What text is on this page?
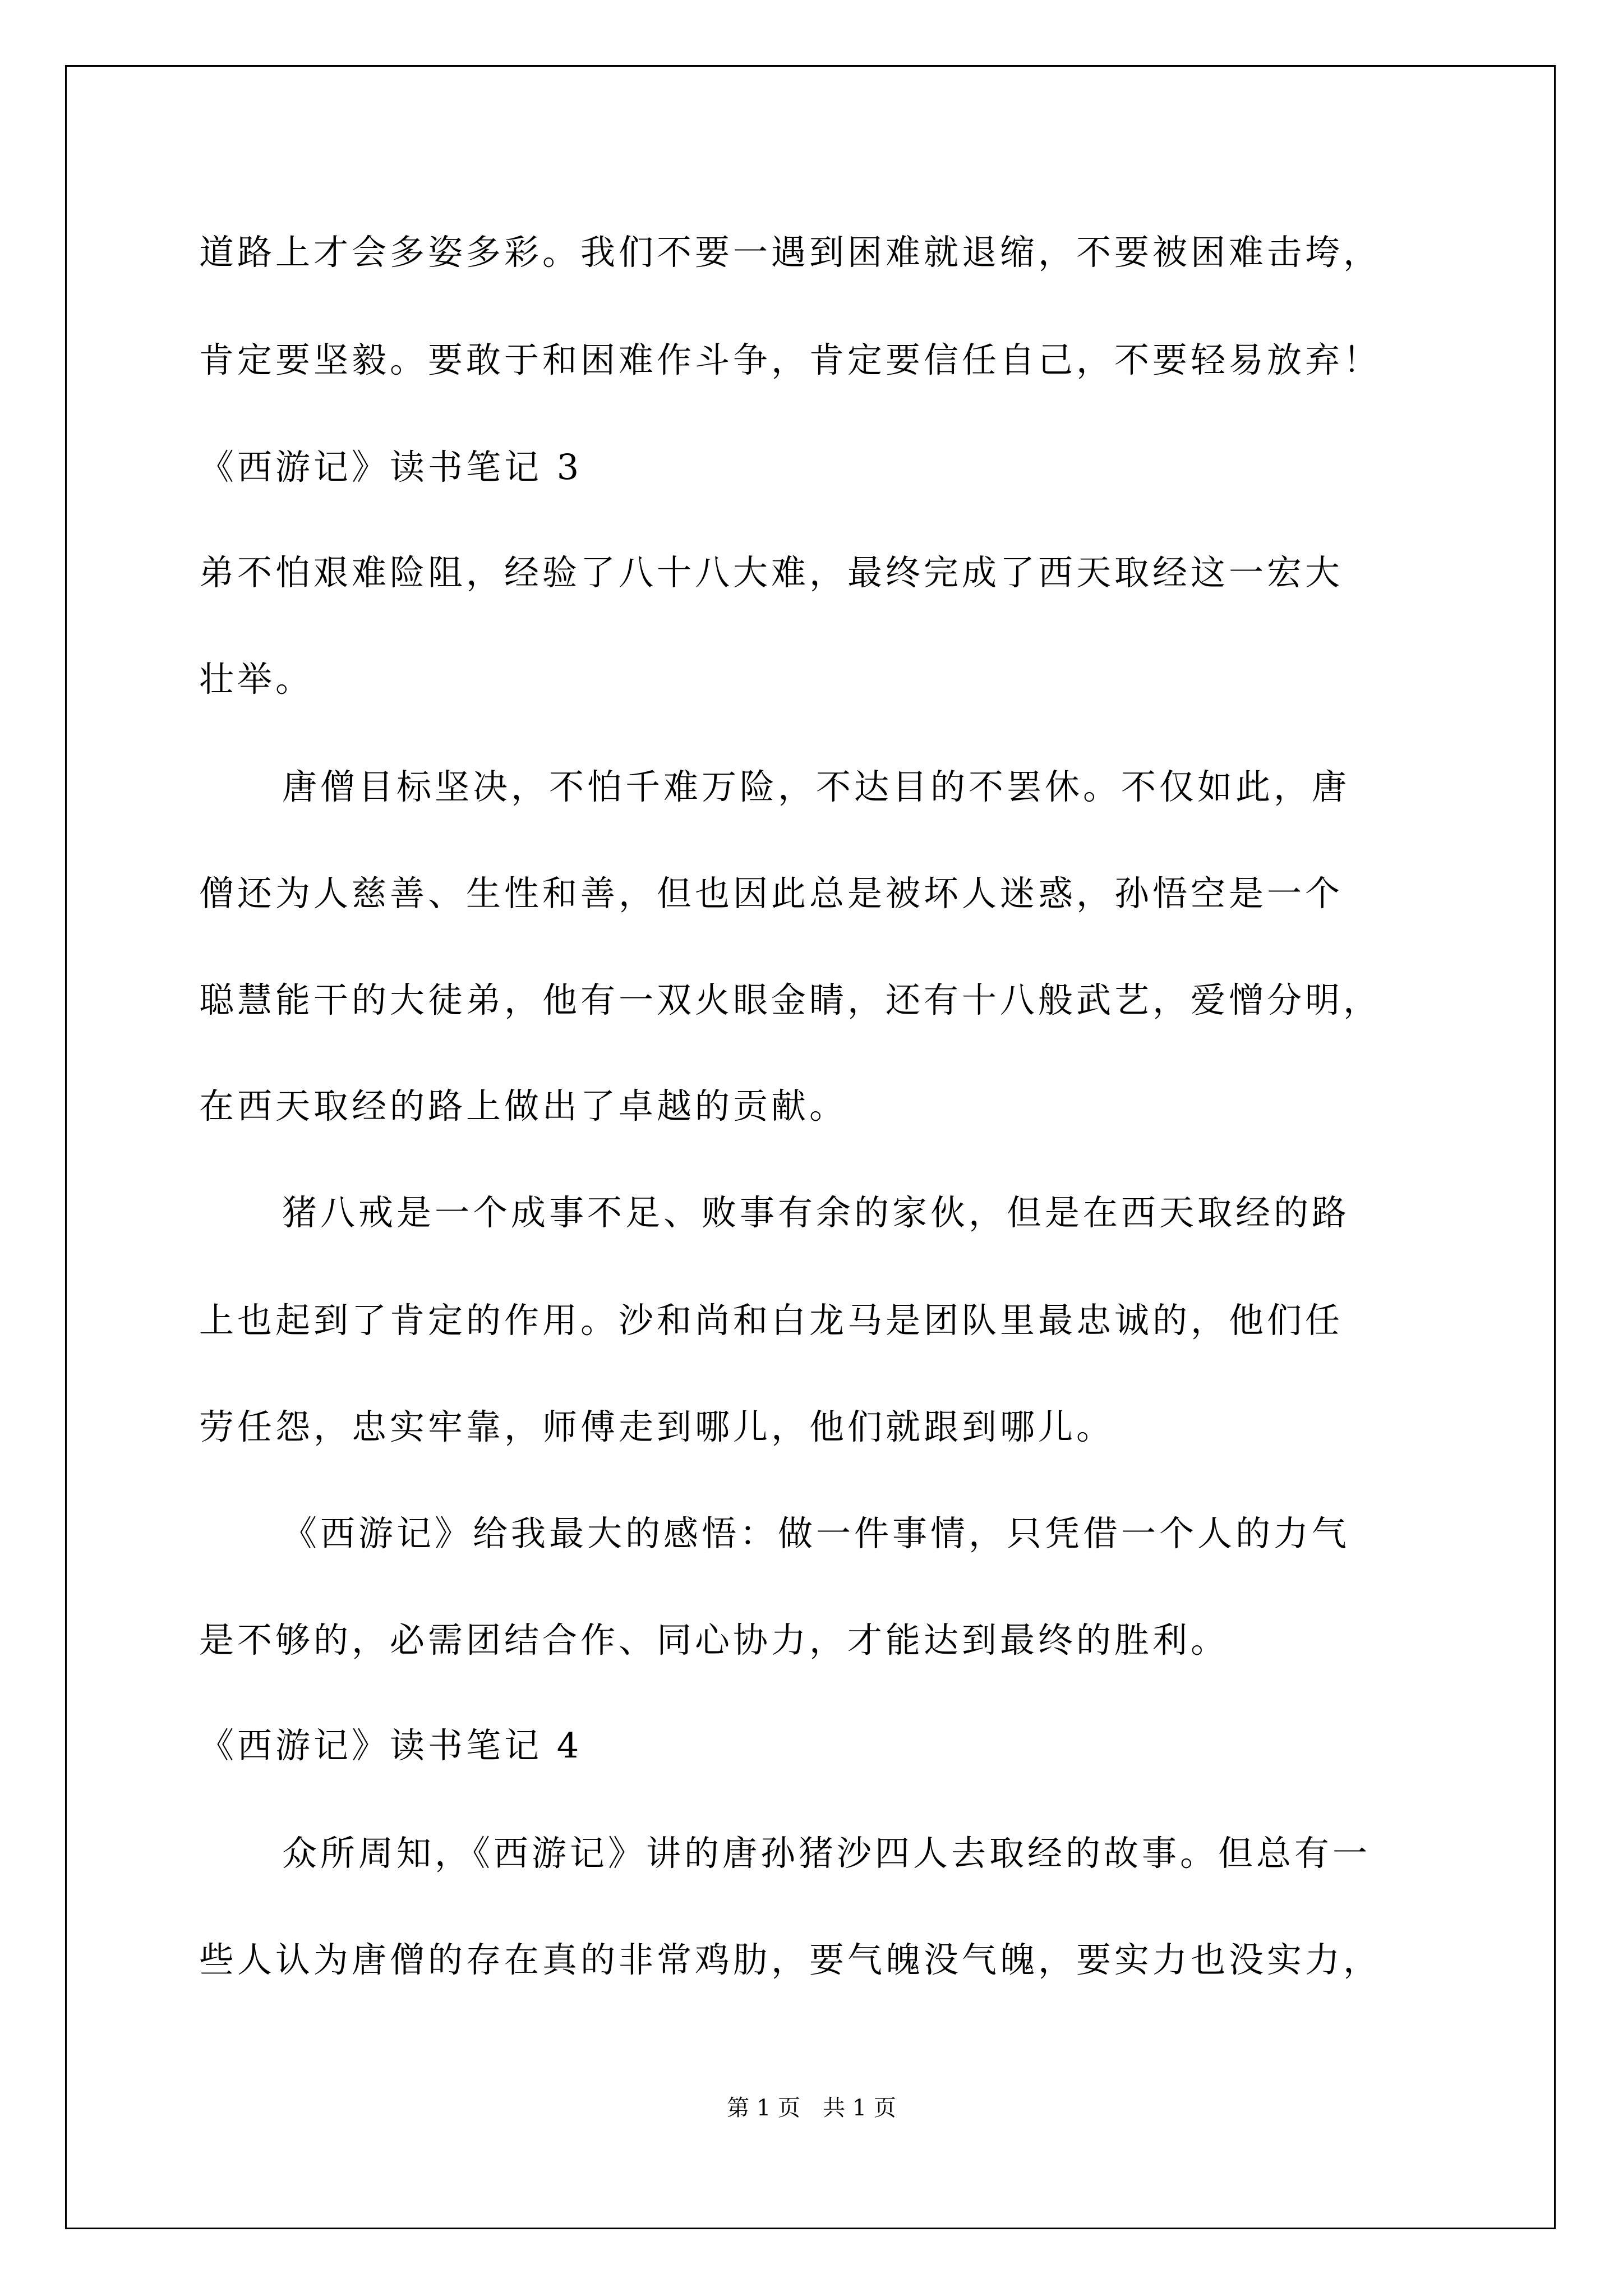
道路上才会多姿多彩。我们不要一遇到困难就退缩，不要被困难击垮，
肯定要坚毅。要敢于和困难作斗争，肯定要信任自己，不要轻易放弃！
《西游记》读书笔记 3
弟不怕艰难险阻，经验了八十八大难，最终完成了西天取经这一宏大
壮举。
唐僧目标坚决，不怕千难万险，不达目的不罢休。不仅如此，唐
僧还为人慈善、生性和善，但也因此总是被坏人迷惑，孙悟空是一个
聪慧能干的大徒弟，他有一双火眼金睛，还有十八般武艺，爱憎分明，
在西天取经的路上做出了卓越的贡献。
猪八戒是一个成事不足、败事有余的家伙，但是在西天取经的路
上也起到了肯定的作用。沙和尚和白龙马是团队里最忠诚的，他们任
劳任怨，忠实牢靠，师傅走到哪儿，他们就跟到哪儿。
《西游记》给我最大的感悟：做一件事情，只凭借一个人的力气
是不够的，必需团结合作、同心协力，才能达到最终的胜利。
《西游记》读书笔记 4
众所周知，《西游记》讲的唐孙猪沙四人去取经的故事。但总有一
些人认为唐僧的存在真的非常鸡肋，要气魄没气魄，要实力也没实力，
第 1 页　共 1 页
